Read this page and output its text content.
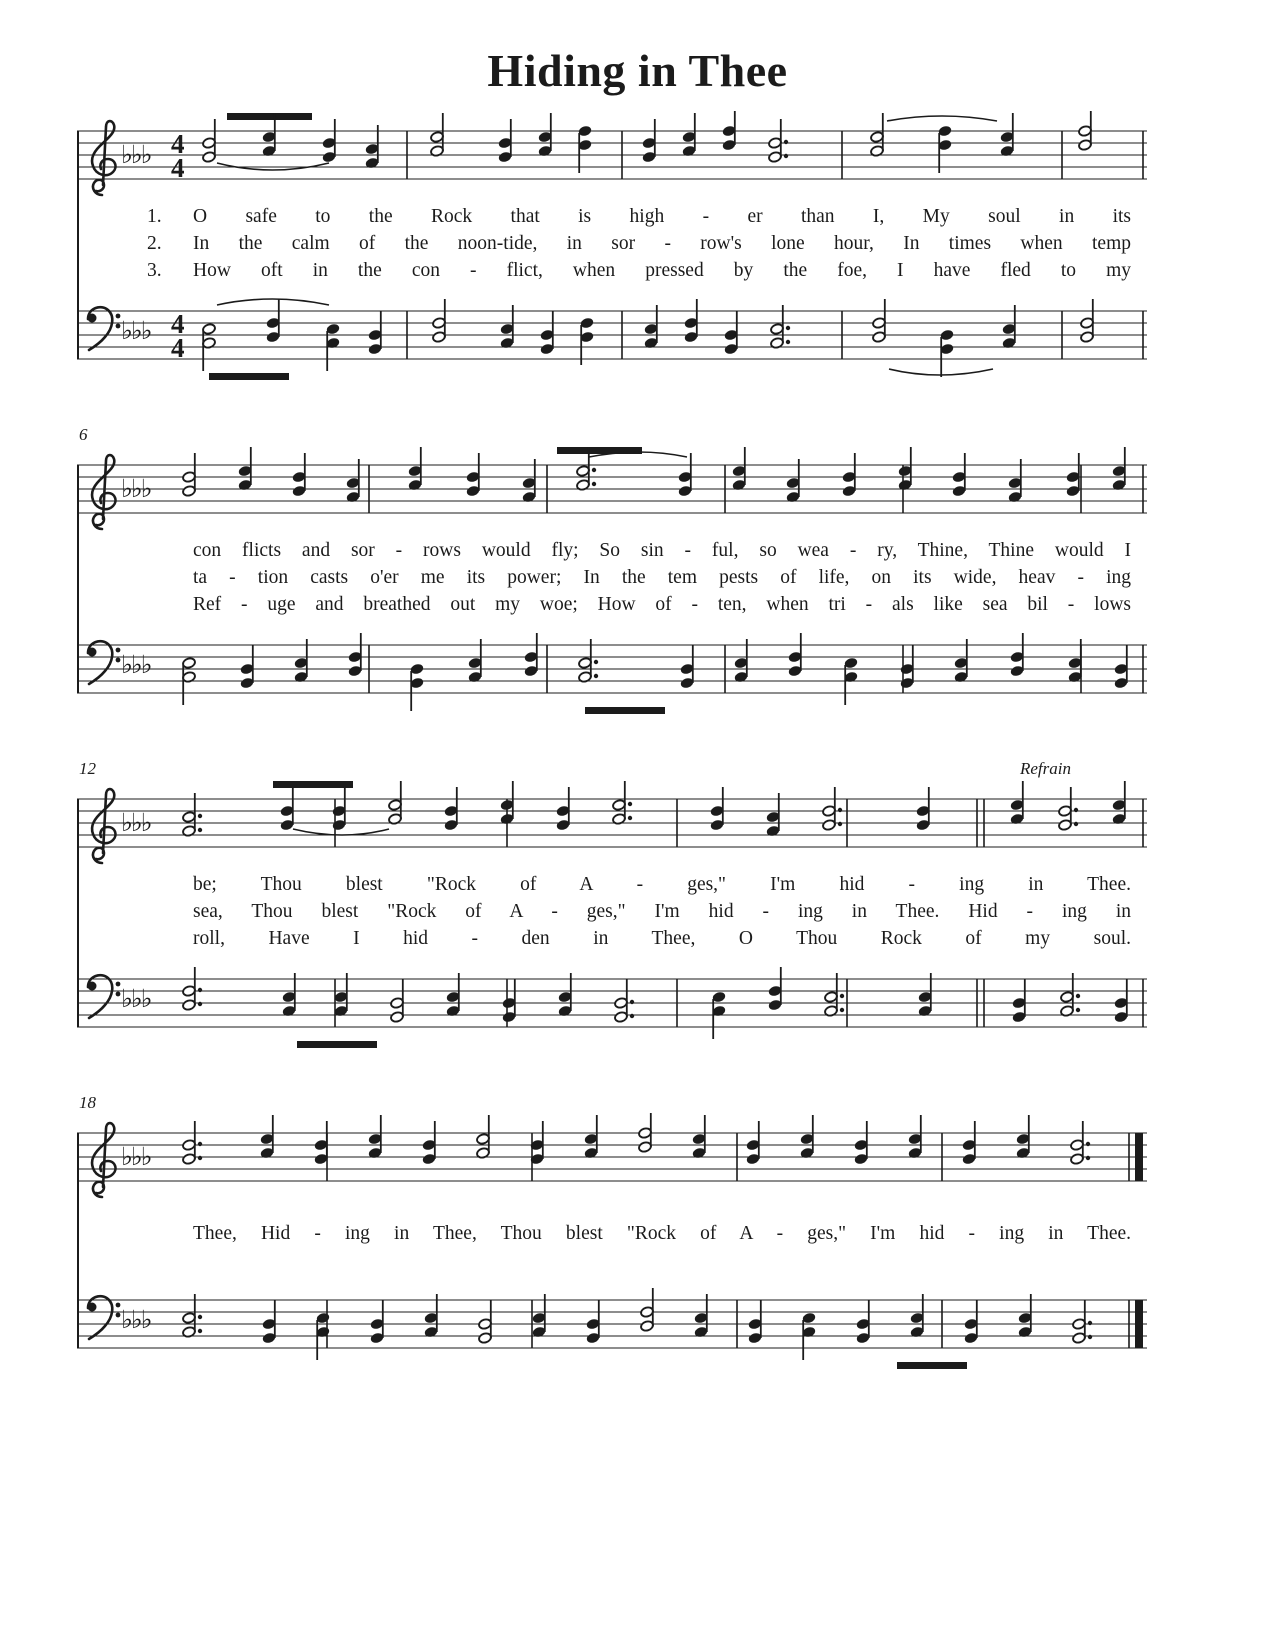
Hiding in Thee
♭♭♭ 4
4
1.	O safe to the Rock that is high - er than I, My soul in its
2.	In the calm of the noon-tide, in sor - row's lone hour, In times when temp
3.	How oft in the con - flict, when pressed by the foe, I have fled to my
♭♭♭ 4
4
6
♭♭♭
con flicts and sor - rows would fly; So sin - ful, so wea - ry, Thine, Thine would I
ta - tion casts o'er me its power; In the tem pests of life, on its wide, heav - ing
Ref - uge and breathed out my woe; How of - ten, when tri - als like sea bil - lows
♭♭♭
12	Refrain
♭♭♭
be; Thou blest "Rock of A - ges," I'm hid - ing in Thee.
sea, Thou blest "Rock of A - ges," I'm hid - ing in Thee. Hid - ing in
roll, Have I hid - den in Thee, O Thou Rock of my soul.
♭♭♭
18
♭♭♭
Thee, Hid - ing in Thee, Thou blest "Rock of A - ges," I'm hid - ing in Thee.
♭♭♭
